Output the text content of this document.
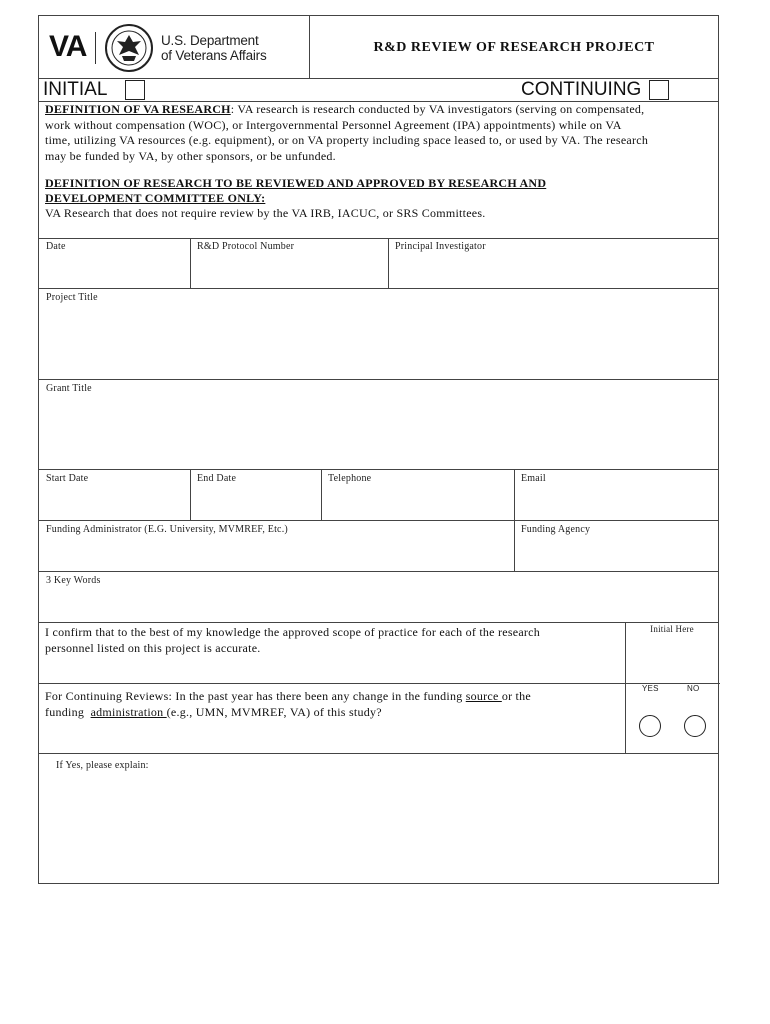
VA	U.S. Department
of Veterans Affairs
R&D REVIEW OF RESEARCH PROJECT
INITIAL	CONTINUING
DEFINITION OF VA RESEARCH: VA research is research conducted by VA investigators (serving on compensated,
work without compensation (WOC), or Intergovernmental Personnel Agreement (IPA) appointments) while on VA
time, utilizing VA resources (e.g. equipment), or on VA property including space leased to, or used by VA. The research
may be funded by VA, by other sponsors, or be unfunded.
DEFINITION OF RESEARCH TO BE REVIEWED AND APPROVED BY RESEARCH AND
DEVELOPMENT COMMITTEE ONLY:
VA Research that does not require review by the VA IRB, IACUC, or SRS Committees.
Date	R&D Protocol Number	Principal Investigator
Project Title
Grant Title
Start Date	End Date	Telephone	Email
Funding Administrator (E.G. University, MVMREF, Etc.)	Funding Agency
3 Key Words
I confirm that to the best of my knowledge the approved scope of practice for each of the research
personnel listed on this project is accurate.
Initial Here
For Continuing Reviews: In the past year has there been any change in the funding source or the
funding  administration (e.g., UMN, MVMREF, VA) of this study?
YES	NO
If Yes, please explain:
